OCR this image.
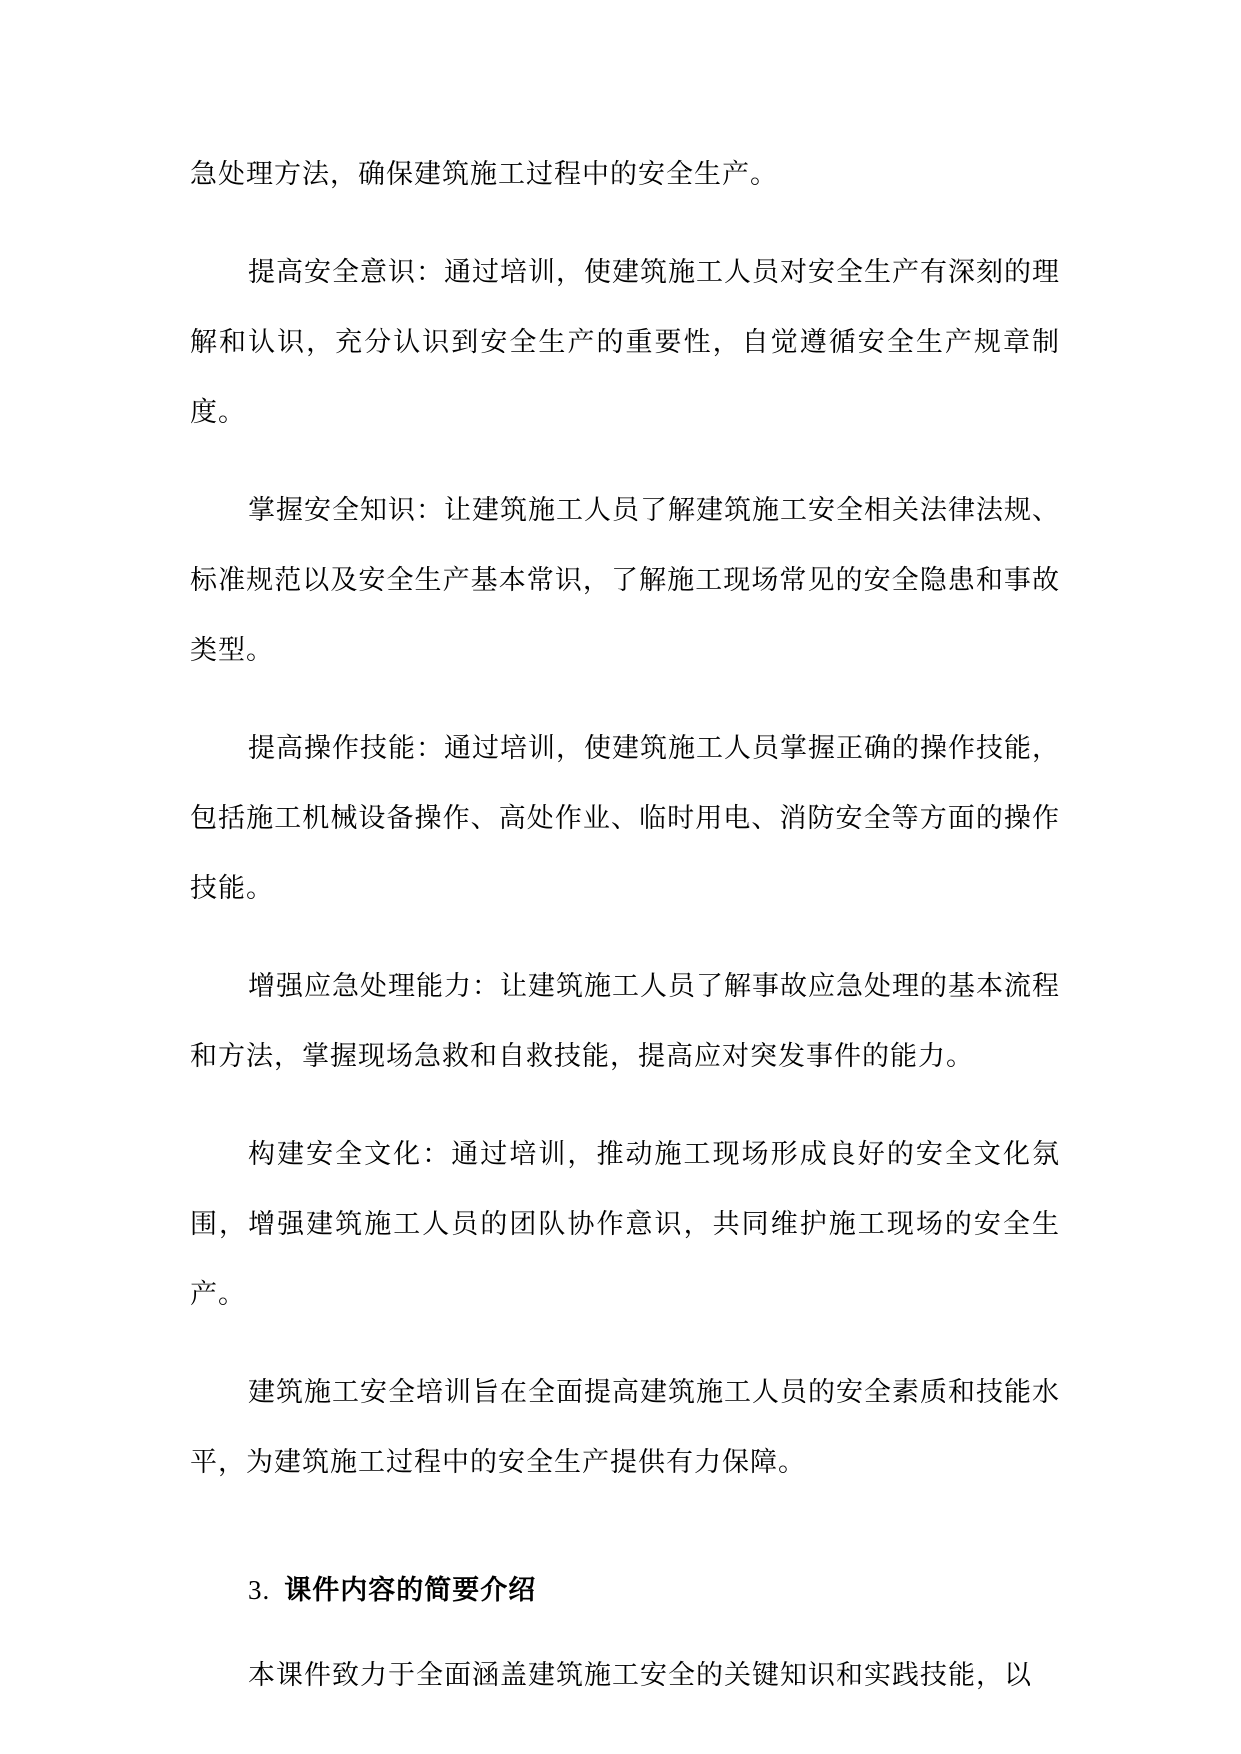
急处理方法，确保建筑施工过程中的安全生产。

提高安全意识：通过培训，使建筑施工人员对安全生产有深刻的理解和认识，充分认识到安全生产的重要性，自觉遵循安全生产规章制度。

掌握安全知识：让建筑施工人员了解建筑施工安全相关法律法规、标准规范以及安全生产基本常识，了解施工现场常见的安全隐患和事故类型。

提高操作技能：通过培训，使建筑施工人员掌握正确的操作技能，包括施工机械设备操作、高处作业、临时用电、消防安全等方面的操作技能。

增强应急处理能力：让建筑施工人员了解事故应急处理的基本流程和方法，掌握现场急救和自救技能，提高应对突发事件的能力。

构建安全文化：通过培训，推动施工现场形成良好的安全文化氛围，增强建筑施工人员的团队协作意识，共同维护施工现场的安全生产。

建筑施工安全培训旨在全面提高建筑施工人员的安全素质和技能水平，为建筑施工过程中的安全生产提供有力保障。

3. 课件内容的简要介绍

本课件致力于全面涵盖建筑施工安全的关键知识和实践技能，以
